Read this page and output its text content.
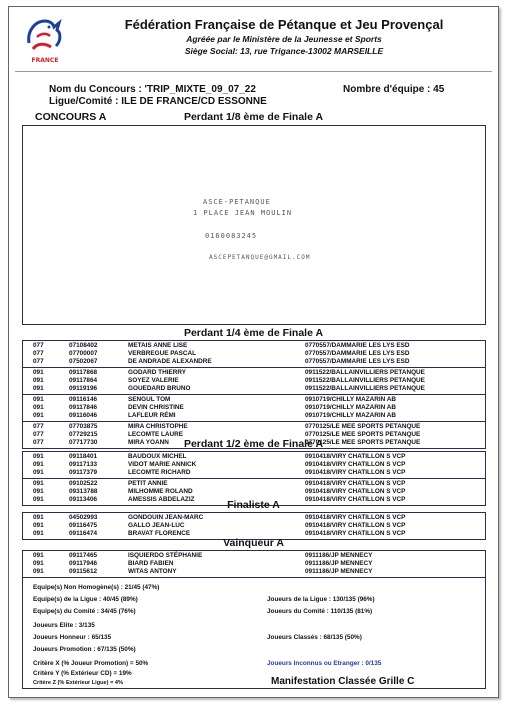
FRANCE
Fédération Française de Pétanque et Jeu Provençal
Agréée par le Ministère de la Jeunesse et Sports
Siège Social: 13, rue Trigance-13002 MARSEILLE
Nom du Concours : 'TRIP_MIXTE_09_07_22	Nombre d'équipe : 45
Ligue/Comité : ILE DE FRANCE/CD ESSONNE
CONCOURS A	Perdant 1/8 ème de Finale A
ASCE-PETANQUE
1 PLACE JEAN MOULIN
0160083245
ASCEPETANQUE@GMAIL.COM
Perdant 1/4 ème de Finale A
077	07108402	METAIS ANNE LISE	0770557/DAMMARIE LES LYS ESD
077	07700007	VERBREGUE PASCAL	0770557/DAMMARIE LES LYS ESD
077	07502067	DE ANDRADE ALEXANDRE	0770557/DAMMARIE LES LYS ESD
091	09117868	GODARD THIERRY	0911522/BALLAINVILLIERS PETANQUE
091	09117864	SOYEZ VALERIE	0911522/BALLAINVILLIERS PETANQUE
091	09119196	GOUEDARD BRUNO	0911522/BALLAINVILLIERS PETANQUE
091	09116146	SENGUL TOM	0910719/CHILLY MAZARIN AB
091	09117846	DEVIN CHRISTINE	0910719/CHILLY MAZARIN AB
091	09116046	LAFLEUR RÉMI	0910719/CHILLY MAZARIN AB
077	07703875	MIRA CHRISTOPHE	0770125/LE MEE SPORTS PETANQUE
077	07729215	LECOMTE LAURE	0770125/LE MEE SPORTS PETANQUE
077	07717730	MIRA YOANN	0770125/LE MEE SPORTS PETANQUE
Perdant 1/2 ème de Finale A
091	09118401	BAUDOUX MICHEL	0910418/VIRY CHATILLON S VCP
091	09117133	VIDOT MARIE ANNICK	0910418/VIRY CHATILLON S VCP
091	09117379	LECOMTE RICHARD	0910418/VIRY CHATILLON S VCP
091	09102522	PETIT ANNIE	0910418/VIRY CHATILLON S VCP
091	09313788	MILHOMME ROLAND	0910418/VIRY CHATILLON S VCP
091	09113406	AMESSIS ABDELAZIZ	0910418/VIRY CHATILLON S VCP
Finaliste A
091	04502993	GONDOUIN JEAN-MARC	0910418/VIRY CHATILLON S VCP
091	09116475	GALLO JEAN-LUC	0910418/VIRY CHATILLON S VCP
091	09116474	BRAVAT FLORENCE	0910418/VIRY CHATILLON S VCP
Vainqueur A
091	09117465	ISQUIERDO STÉPHANIE	0911186/JP MENNECY
091	09117946	BIARD FABIEN	0911186/JP MENNECY
091	09115612	WITAS ANTONY	0911186/JP MENNECY
Equipe(s) Non Homogène(s) : 21/45 (47%)
Equipe(s) de la Ligue : 40/45 (89%)
Equipe(s) du Comité : 34/45 (76%)
Joueurs de la Ligue : 130/135 (96%)
Joueurs du Comité : 110/135 (81%)
Joueurs Elite : 3/135
Joueurs Honneur : 65/135
Joueurs Promotion : 67/135 (50%)
Joueurs Classés : 68/135 (50%)
Critère X (% Joueur Promotion) = 50%
Critère Y (% Extérieur CD) = 19%
Critère Z (% Extérieur Ligue) = 4%
Joueurs Inconnus ou Etranger : 0/135
Manifestation Classée Grille C
